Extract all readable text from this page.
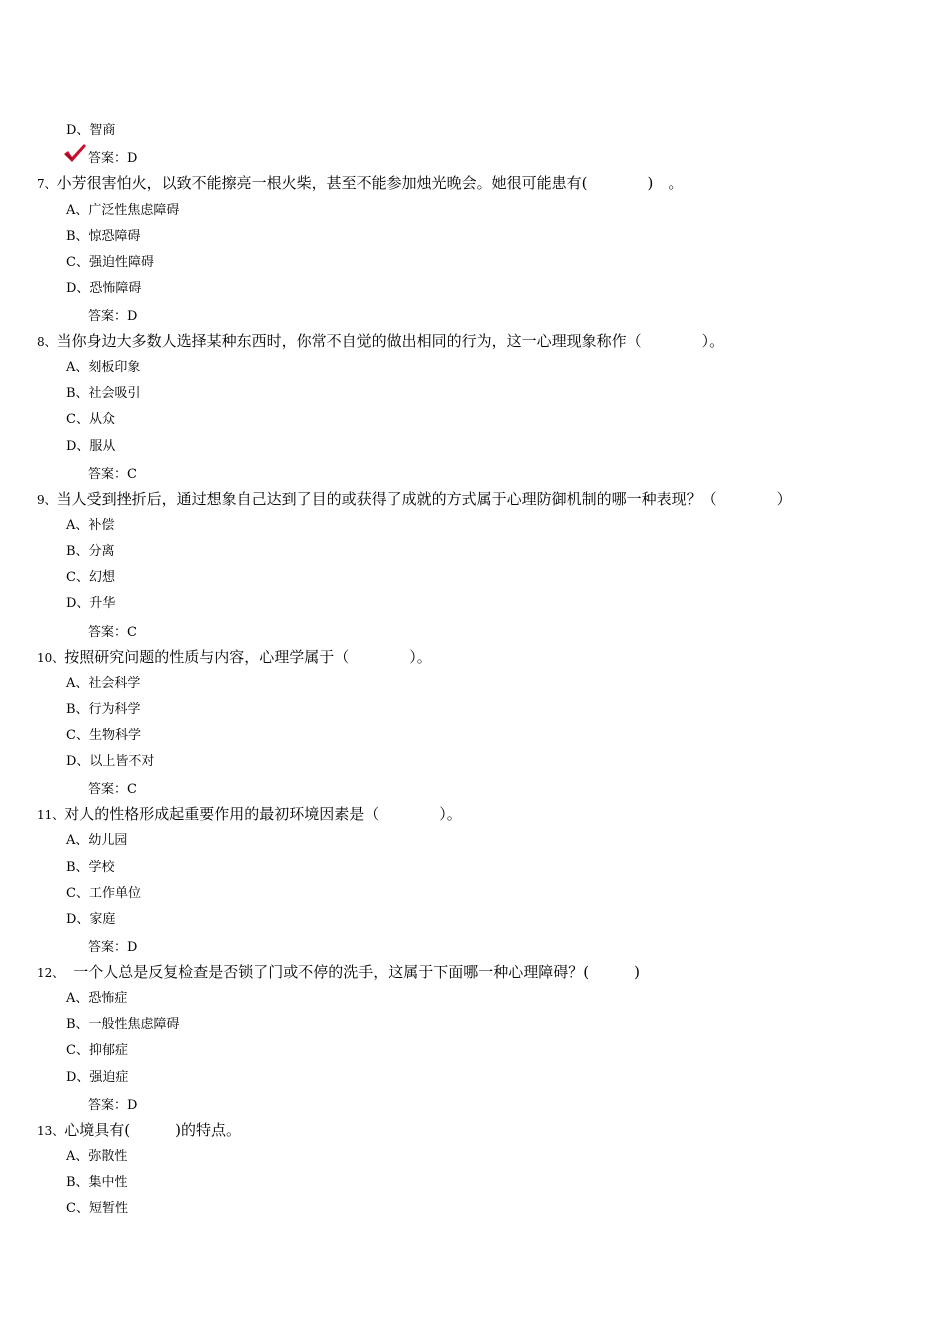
D、智商
答案：D
7、小芳很害怕火，以致不能擦亮一根火柴，甚至不能参加烛光晚会。她很可能患有(　　　　)　。
A、广泛性焦虑障碍
B、惊恐障碍
C、强迫性障碍
D、恐怖障碍
答案：D
8、当你身边大多数人选择某种东西时，你常不自觉的做出相同的行为，这一心理现象称作（　　　　）。
A、刻板印象
B、社会吸引
C、从众
D、服从
答案：C
9、当人受到挫折后，通过想象自己达到了目的或获得了成就的方式属于心理防御机制的哪一种表现？（　　　　）
A、补偿
B、分离
C、幻想
D、升华
答案：C
10、按照研究问题的性质与内容，心理学属于（　　　　）。
A、社会科学
B、行为科学
C、生物科学
D、以上皆不对
答案：C
11、对人的性格形成起重要作用的最初环境因素是（　　　　）。
A、幼儿园
B、学校
C、工作单位
D、家庭
答案：D
12、　一个人总是反复检查是否锁了门或不停的洗手，这属于下面哪一种心理障碍？(　　　)
A、恐怖症
B、一般性焦虑障碍
C、抑郁症
D、强迫症
答案：D
13、心境具有(　　　)的特点。
A、弥散性
B、集中性
C、短暂性
